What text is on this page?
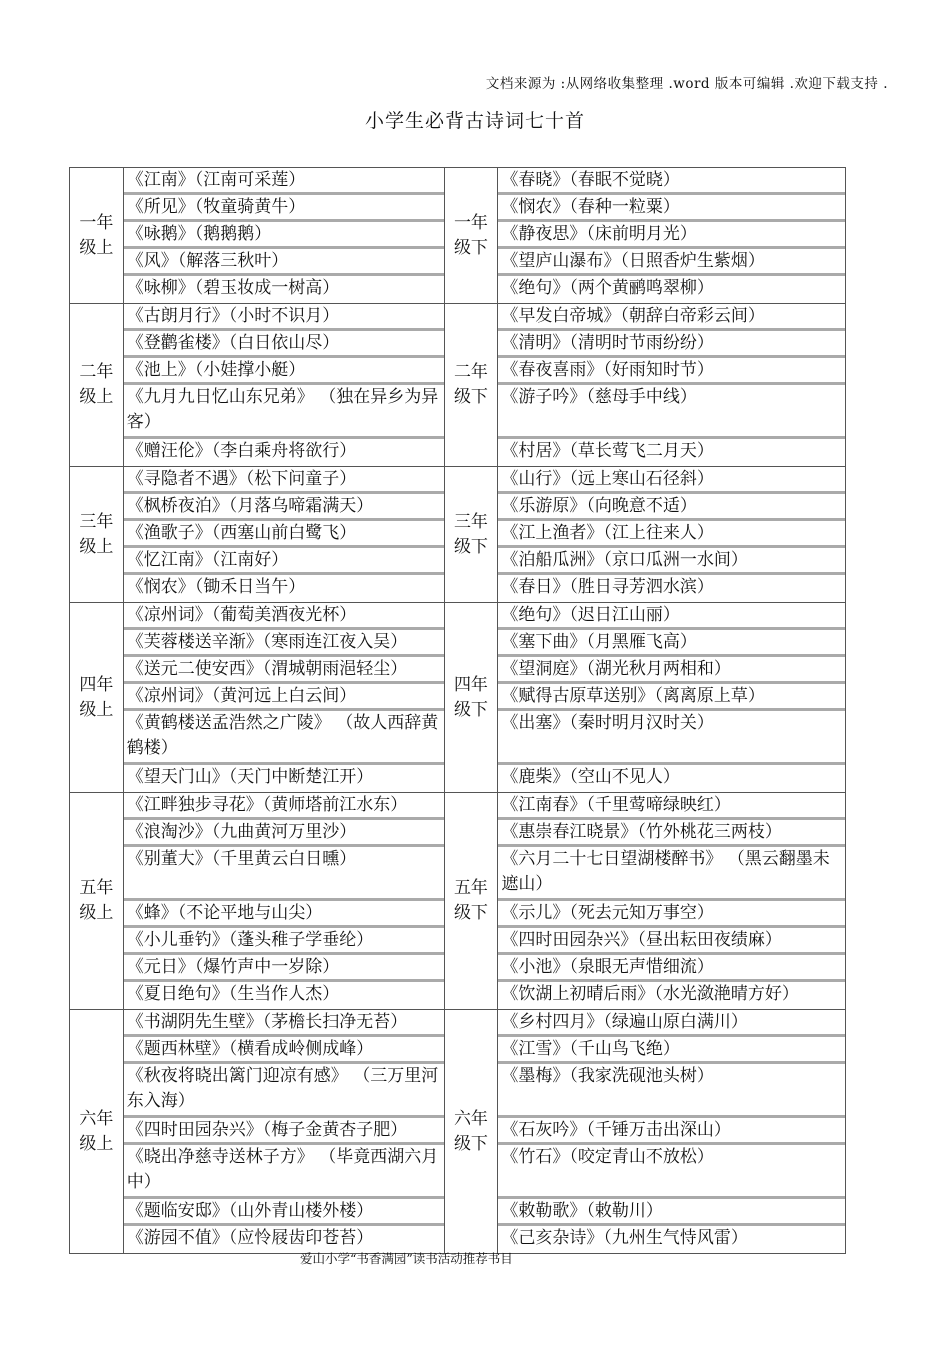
文档来源为 :从网络收集整理 .word 版本可编辑 .欢迎下载支持 .
小学生必背古诗词七十首
一年级上
《江南》（江南可采莲）
《所见》（牧童骑黄牛）
《咏鹅》（鹅鹅鹅）
《风》（解落三秋叶）
《咏柳》（碧玉妆成一树高）
一年级下
《春晓》（春眠不觉晓）
《悯农》（春种一粒粟）
《静夜思》（床前明月光）
《望庐山瀑布》（日照香炉生紫烟）
《绝句》（两个黄鹂鸣翠柳）
二年级上
《古朗月行》（小时不识月）
《登鹳雀楼》（白日依山尽）
《池上》（小娃撑小艇）
《九月九日忆山东兄弟》 （独在异乡为异客）
《赠汪伦》（李白乘舟将欲行）
二年级下
《早发白帝城》（朝辞白帝彩云间）
《清明》（清明时节雨纷纷）
《春夜喜雨》（好雨知时节）
《游子吟》（慈母手中线）
《村居》（草长莺飞二月天）
三年级上
《寻隐者不遇》（松下问童子）
《枫桥夜泊》（月落乌啼霜满天）
《渔歌子》（西塞山前白鹭飞）
《忆江南》（江南好）
《悯农》（锄禾日当午）
三年级下
《山行》（远上寒山石径斜）
《乐游原》（向晚意不适）
《江上渔者》（江上往来人）
《泊船瓜洲》（京口瓜洲一水间）
《春日》（胜日寻芳泗水滨）
四年级上
《凉州词》（葡萄美酒夜光杯）
《芙蓉楼送辛渐》（寒雨连江夜入吴）
《送元二使安西》（渭城朝雨浥轻尘）
《凉州词》（黄河远上白云间）
《黄鹤楼送孟浩然之广陵》 （故人西辞黄鹤楼）
《望天门山》（天门中断楚江开）
四年级下
《绝句》（迟日江山丽）
《塞下曲》（月黑雁飞高）
《望洞庭》（湖光秋月两相和）
《赋得古原草送别》（离离原上草）
《出塞》（秦时明月汉时关）
《鹿柴》（空山不见人）
五年级上
《江畔独步寻花》（黄师塔前江水东）
《浪淘沙》（九曲黄河万里沙）
《别董大》（千里黄云白日曛）
《蜂》（不论平地与山尖）
《小儿垂钓》（蓬头稚子学垂纶）
《元日》（爆竹声中一岁除）
《夏日绝句》（生当作人杰）
五年级下
《江南春》（千里莺啼绿映红）
《惠崇春江晓景》（竹外桃花三两枝）
《六月二十七日望湖楼醉书》 （黑云翻墨未遮山）
《示儿》（死去元知万事空）
《四时田园杂兴》（昼出耘田夜绩麻）
《小池》（泉眼无声惜细流）
《饮湖上初晴后雨》（水光潋滟晴方好）
六年级上
《书湖阴先生壁》（茅檐长扫净无苔）
《题西林壁》（横看成岭侧成峰）
《秋夜将晓出篱门迎凉有感》 （三万里河东入海）
《四时田园杂兴》（梅子金黄杏子肥）
《晓出净慈寺送林子方》 （毕竟西湖六月中）
《题临安邸》（山外青山楼外楼）
《游园不值》（应怜屐齿印苍苔）
六年级下
《乡村四月》（绿遍山原白满川）
《江雪》（千山鸟飞绝）
《墨梅》（我家洗砚池头树）
《石灰吟》（千锤万击出深山）
《竹石》（咬定青山不放松）
《敕勒歌》（敕勒川）
《己亥杂诗》（九州生气恃风雷）
爱山小学“书香满园”读书活动推荐书目
